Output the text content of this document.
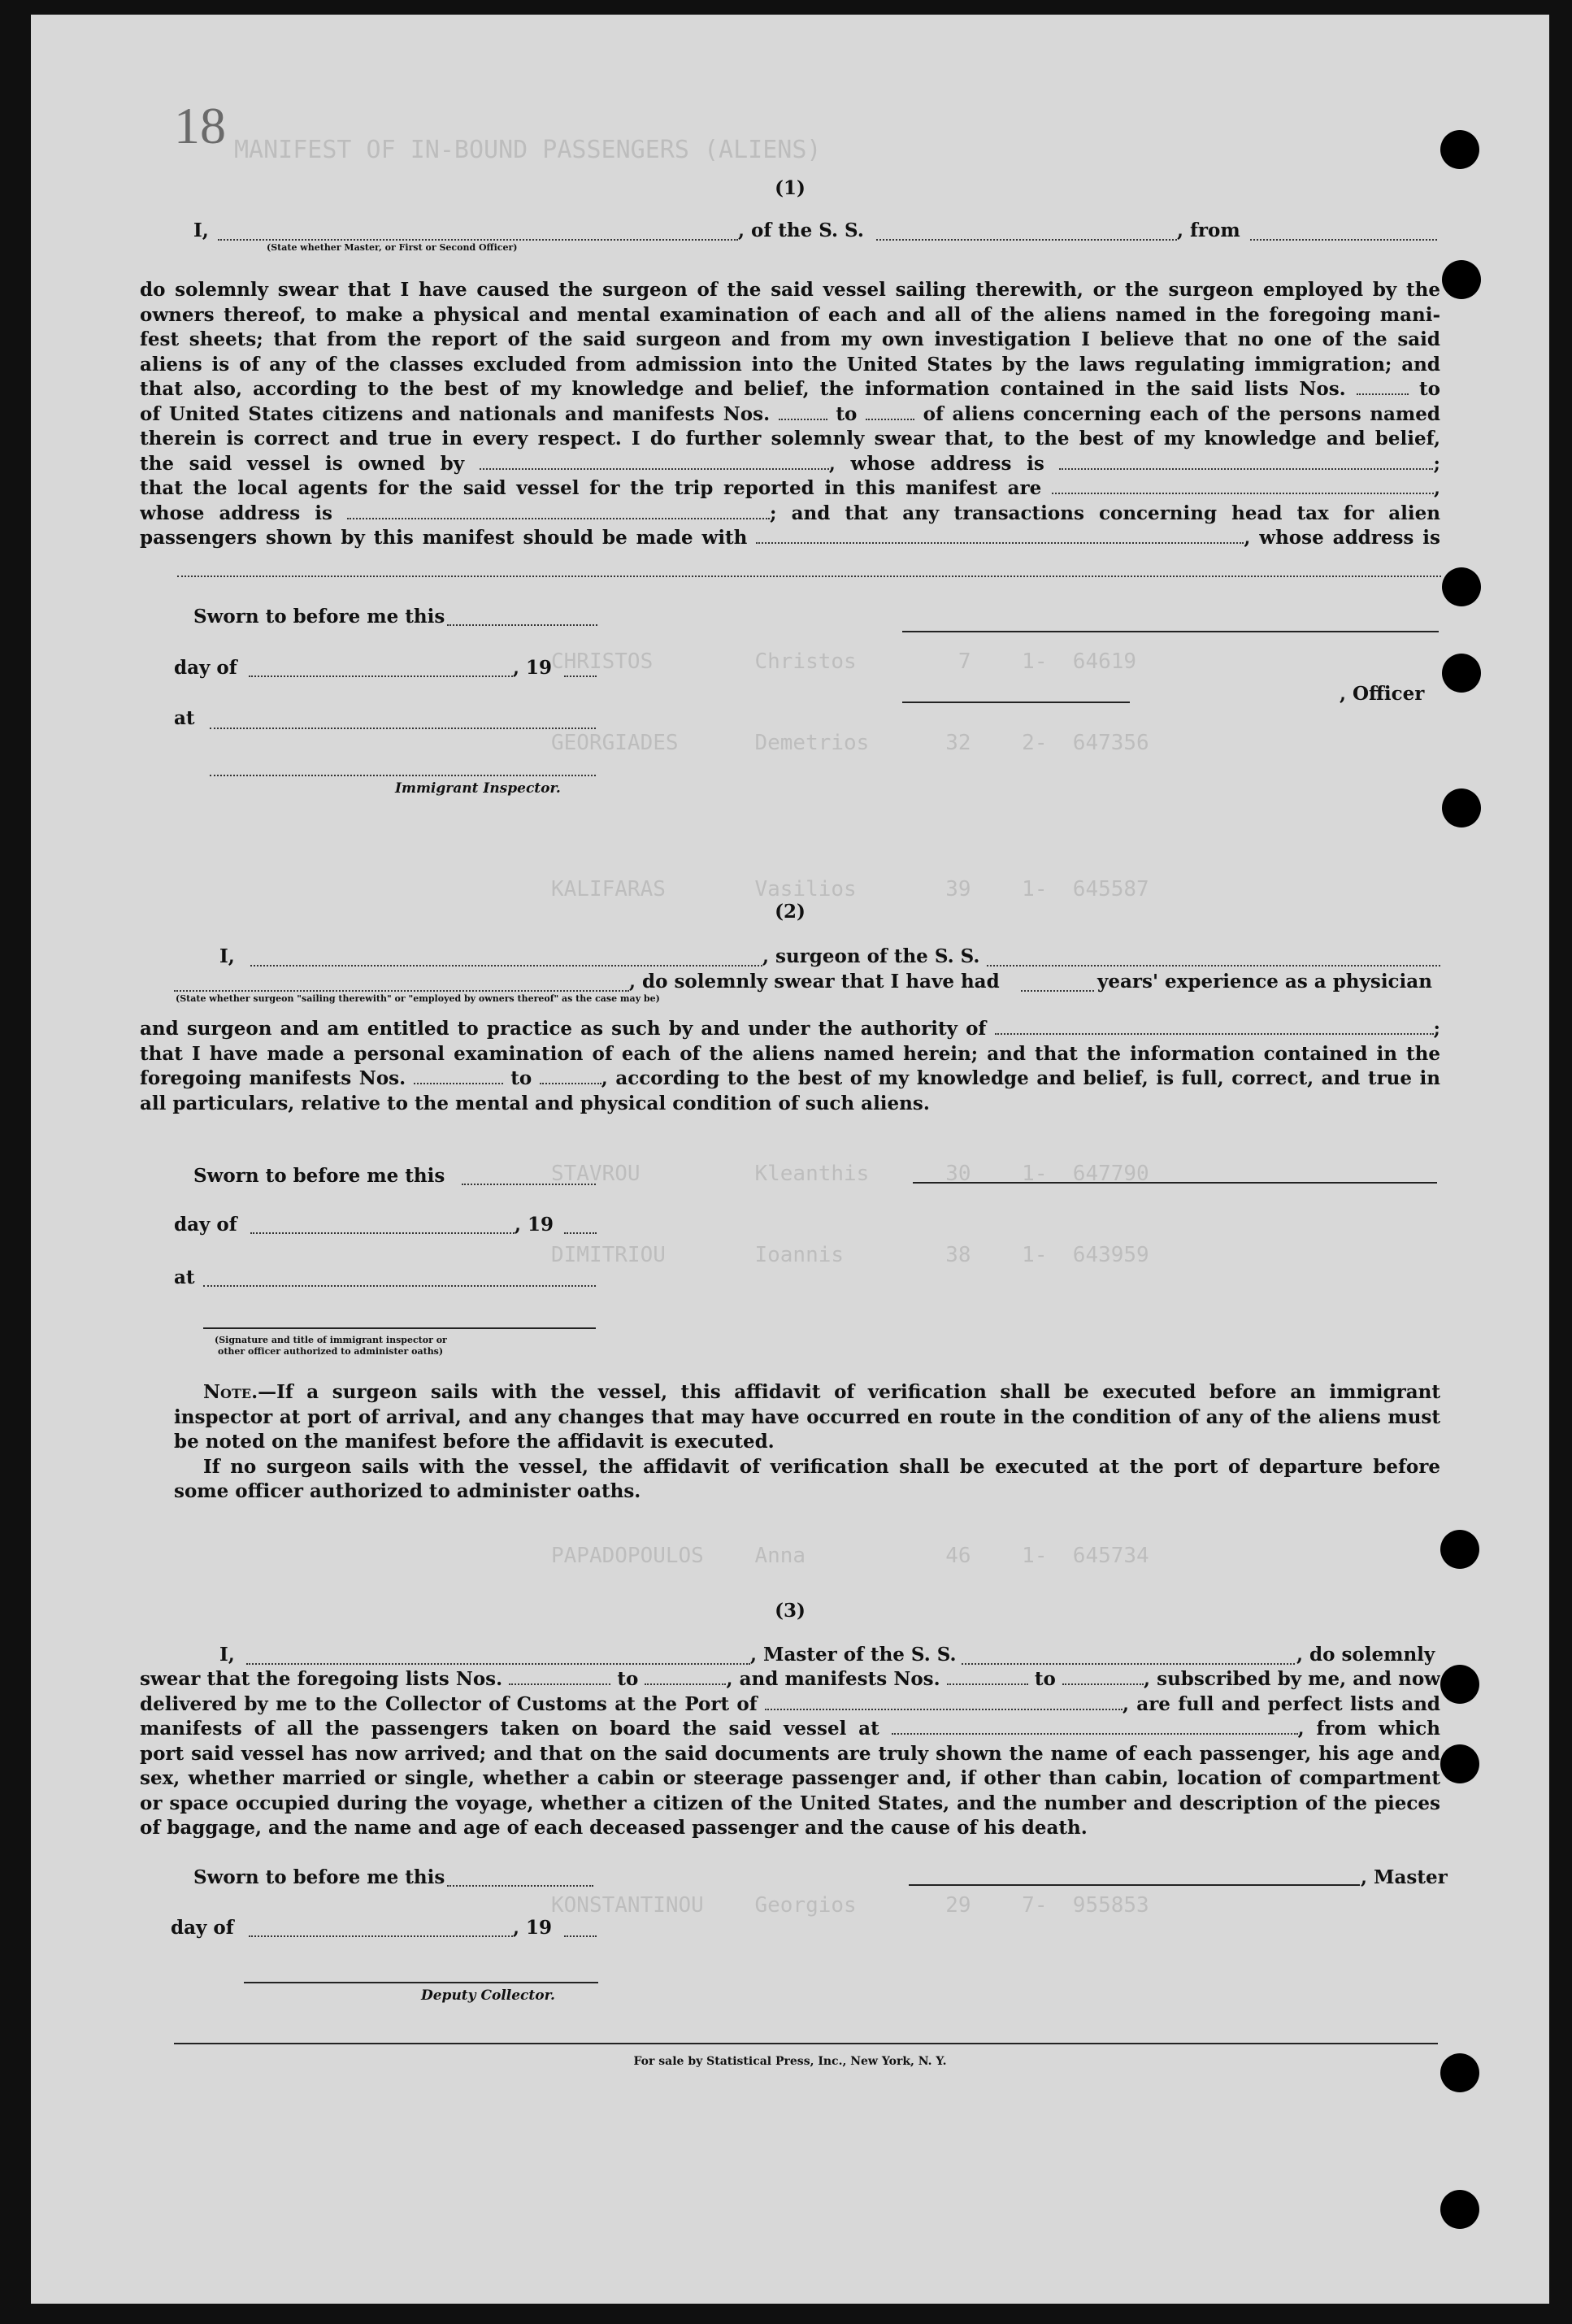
MANIFEST OF IN-BOUND PASSENGERS (ALIENS)

CHRISTOS        Christos        7    1-  64619

GEORGIADES      Demetrios      32    2-  647356

KALIFARAS       Vasilios       39    1-  645587

STAVROU         Kleanthis      30    1-  647790

DIMITRIOU       Ioannis        38    1-  643959

PAPADOPOULOS    Anna           46    1-  645734

KONSTANTINOU    Georgios       29    7-  955853

18
(1)
I,
(State whether Master, or First or Second Officer)
, of the S. S.	, from
do solemnly swear that I have caused the surgeon of the said vessel sailing therewith, or the surgeon employed by the
owners thereof, to make a physical and mental examination of each and all of the aliens named in the foregoing mani-
fest sheets; that from the report of the said surgeon and from my own investigation I believe that no one of the said
aliens is of any of the classes excluded from admission into the United States by the laws regulating immigration; and
that also, according to the best of my knowledge and belief, the information contained in the said lists Nos.	to
of United States citizens and nationals and manifests Nos.	to	of aliens concerning each of the persons named
therein is correct and true in every respect. I do further solemnly swear that, to the best of my knowledge and belief,
the said vessel is owned by	, whose address is	;
that the local agents for the said vessel for the trip reported in this manifest are	,
whose address is	; and that any transactions concerning head tax for alien
passengers shown by this manifest should be made with	, whose address is
Sworn to before me this
day of	, 19
, Officer
at
Immigrant Inspector.
(2)
I,	, surgeon of the S. S.
, do solemnly swear that I have had	years' experience as a physician
(State whether surgeon "sailing therewith" or "employed by owners thereof" as the case may be)
and surgeon and am entitled to practice as such by and under the authority of	;
that I have made a personal examination of each of the aliens named herein; and that the information contained in the
foregoing manifests Nos.	to	, according to the best of my knowledge and belief, is full, correct, and true in
all particulars, relative to the mental and physical condition of such aliens.
Sworn to before me this
day of	, 19
at
(Signature and title of immigrant inspector or
other officer authorized to administer oaths)
Note.—If a surgeon sails with the vessel, this affidavit of verification shall be executed before an immigrant
inspector at port of arrival, and any changes that may have occurred en route in the condition of any of the aliens must
be noted on the manifest before the affidavit is executed.
If no surgeon sails with the vessel, the affidavit of verification shall be executed at the port of departure before
some officer authorized to administer oaths.
(3)
I,	, Master of the S. S.	, do solemnly
swear that the foregoing lists Nos.	to	, and manifests Nos.	to	, subscribed by me, and now
delivered by me to the Collector of Customs at the Port of	, are full and perfect lists and
manifests of all the passengers taken on board the said vessel at	, from which
port said vessel has now arrived; and that on the said documents are truly shown the name of each passenger, his age and
sex, whether married or single, whether a cabin or steerage passenger and, if other than cabin, location of compartment
or space occupied during the voyage, whether a citizen of the United States, and the number and description of the pieces
of baggage, and the name and age of each deceased passenger and the cause of his death.
Sworn to before me this	, Master
day of	, 19
Deputy Collector.
For sale by Statistical Press, Inc., New York, N. Y.
